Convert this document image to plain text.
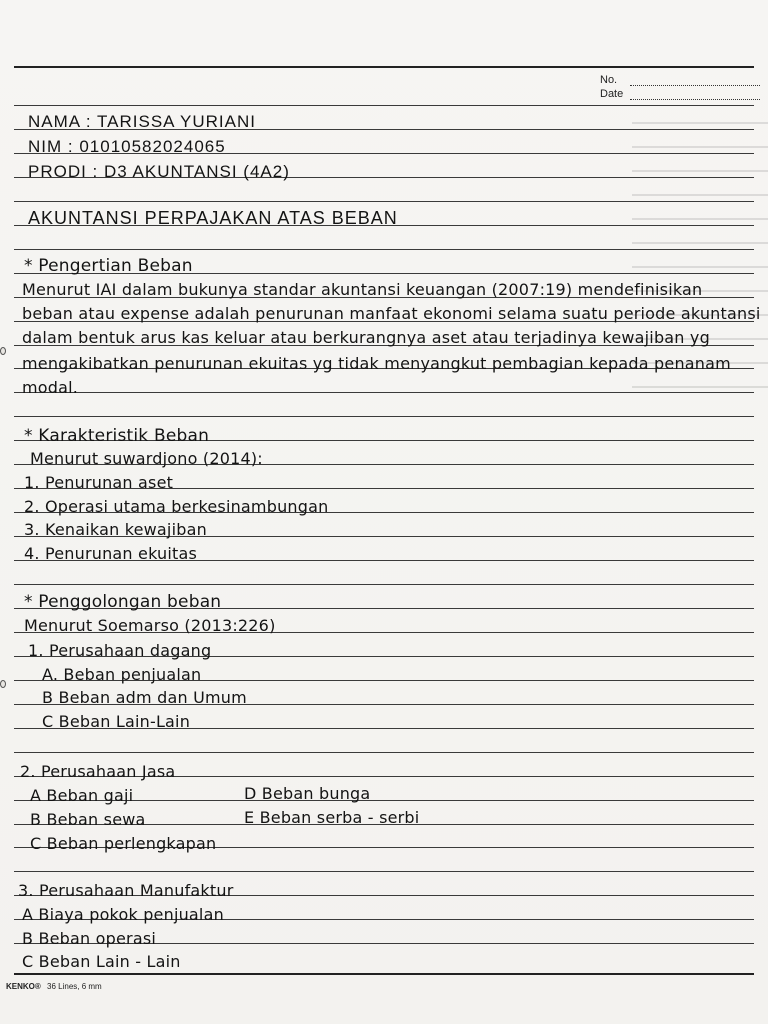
No.
Date
NAMA : TARISSA YURIANI
NIM : 01010582024065
PRODI : D3 AKUNTANSI (4A2)
AKUNTANSI PERPAJAKAN ATAS BEBAN
* Pengertian Beban
Menurut IAI dalam bukunya standar akuntansi keuangan (2007:19) mendefinisikan
beban atau expense adalah penurunan manfaat ekonomi selama suatu periode akuntansi
dalam bentuk arus kas keluar atau berkurangnya aset atau terjadinya kewajiban yg
mengakibatkan penurunan ekuitas yg tidak menyangkut pembagian kepada penanam
modal.
* Karakteristik Beban
Menurut suwardjono (2014):
1. Penurunan aset
2. Operasi utama berkesinambungan
3. Kenaikan kewajiban
4. Penurunan ekuitas
* Penggolongan beban
Menurut Soemarso (2013:226)
1. Perusahaan dagang
A. Beban penjualan
B Beban adm dan Umum
C Beban Lain-Lain
2. Perusahaan Jasa
A Beban gaji
B Beban sewa
C Beban perlengkapan
D Beban bunga
E Beban serba - serbi
3. Perusahaan Manufaktur
A Biaya pokok penjualan
B Beban operasi
C Beban Lain - Lain
KENKO® 36 Lines, 6 mm
